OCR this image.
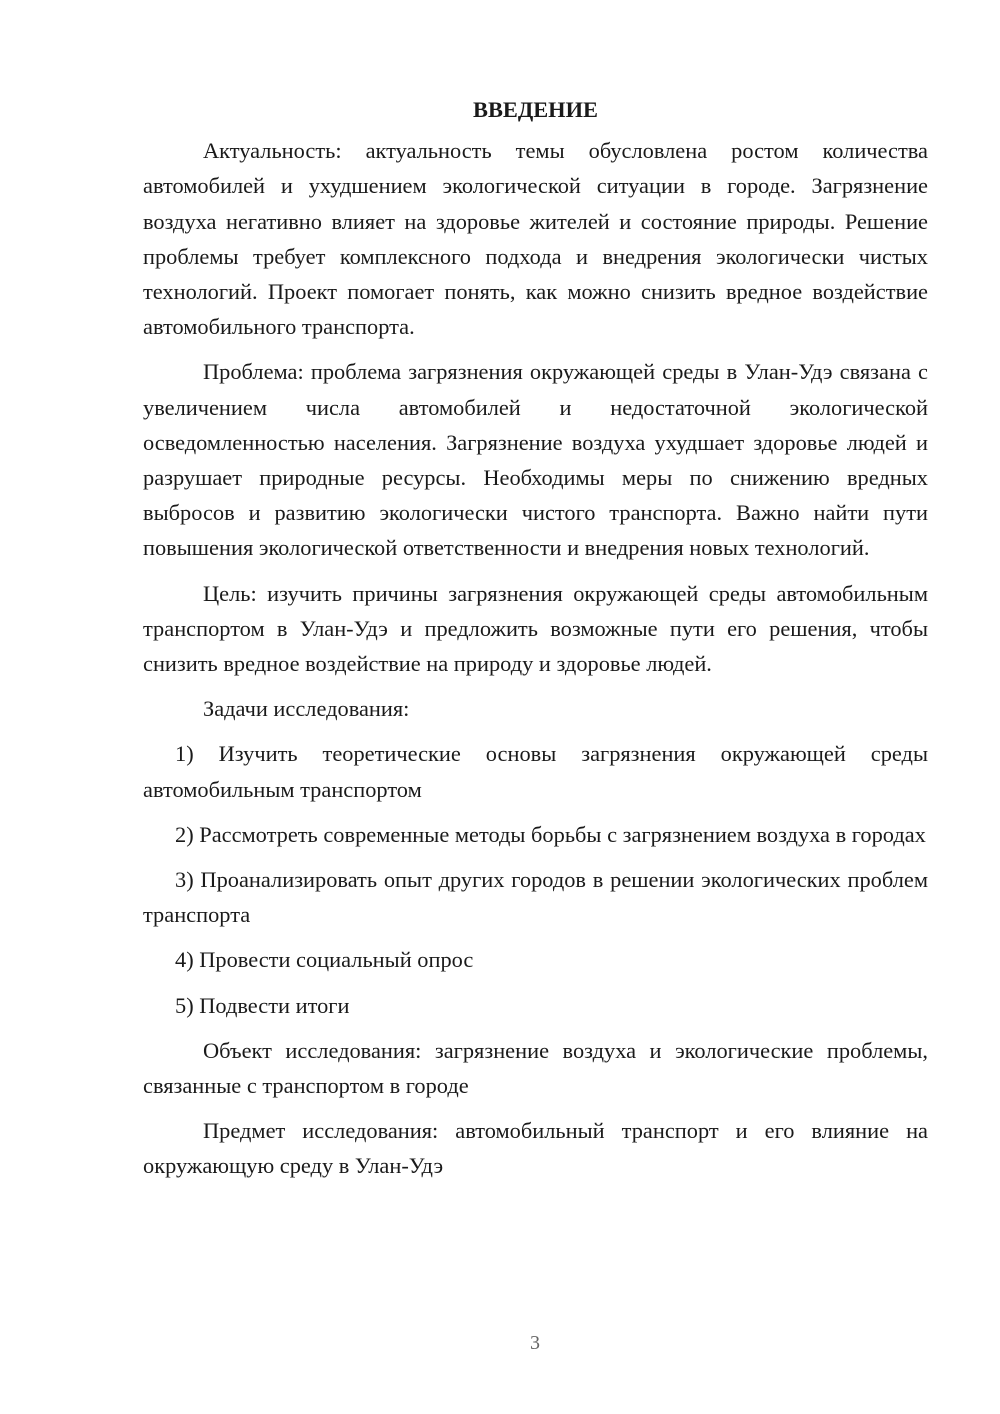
ВВЕДЕНИЕ

Актуальность: актуальность темы обусловлена ростом количества автомобилей и ухудшением экологической ситуации в городе. Загрязнение воздуха негативно влияет на здоровье жителей и состояние природы. Решение проблемы требует комплексного подхода и внедрения экологически чистых технологий. Проект помогает понять, как можно снизить вредное воздействие автомобильного транспорта.

Проблема: проблема загрязнения окружающей среды в Улан-Удэ связана с увеличением числа автомобилей и недостаточной экологической осведомленностью населения. Загрязнение воздуха ухудшает здоровье людей и разрушает природные ресурсы. Необходимы меры по снижению вредных выбросов и развитию экологически чистого транспорта. Важно найти пути повышения экологической ответственности и внедрения новых технологий.

Цель: изучить причины загрязнения окружающей среды автомобильным транспортом в Улан-Удэ и предложить возможные пути его решения, чтобы снизить вредное воздействие на природу и здоровье людей.

Задачи исследования:

1) Изучить теоретические основы загрязнения окружающей среды автомобильным транспортом

2) Рассмотреть современные методы борьбы с загрязнением воздуха в городах

3) Проанализировать опыт других городов в решении экологических проблем транспорта

4) Провести социальный опрос

5) Подвести итоги

Объект исследования: загрязнение воздуха и экологические проблемы, связанные с транспортом в городе

Предмет исследования: автомобильный транспорт и его влияние на окружающую среду в Улан-Удэ

3
